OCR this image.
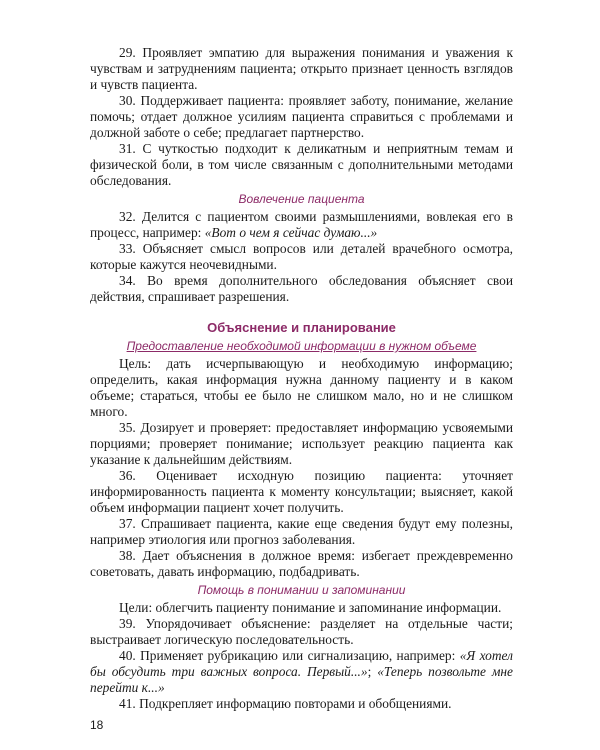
29. Проявляет эмпатию для выражения понимания и уважения к чувствам и затруднениям пациента; открыто признает ценность взглядов и чувств пациента.

30. Поддерживает пациента: проявляет заботу, понимание, желание помочь; отдает должное усилиям пациента справиться с проблемами и должной заботе о себе; предлагает партнерство.

31. С чуткостью подходит к деликатным и неприятным темам и физической боли, в том числе связанным с дополнительными методами обследования.

Вовлечение пациента

32. Делится с пациентом своими размышлениями, вовлекая его в процесс, например: «Вот о чем я сейчас думаю...»

33. Объясняет смысл вопросов или деталей врачебного осмотра, которые кажутся неочевидными.

34. Во время дополнительного обследования объясняет свои действия, спрашивает разрешения.

Объяснение и планирование
Предоставление необходимой информации в нужном объеме

Цель: дать исчерпывающую и необходимую информацию; определить, какая информация нужна данному пациенту и в каком объеме; стараться, чтобы ее было не слишком мало, но и не слишком много.

35. Дозирует и проверяет: предоставляет информацию усвояемыми порциями; проверяет понимание; использует реакцию пациента как указание к дальнейшим действиям.

36. Оценивает исходную позицию пациента: уточняет информированность пациента к моменту консультации; выясняет, какой объем информации пациент хочет получить.

37. Спрашивает пациента, какие еще сведения будут ему полезны, например этиология или прогноз заболевания.

38. Дает объяснения в должное время: избегает преждевременно советовать, давать информацию, подбадривать.

Помощь в понимании и запоминании

Цели: облегчить пациенту понимание и запоминание информации.

39. Упорядочивает объяснение: разделяет на отдельные части; выстраивает логическую последовательность.

40. Применяет рубрикацию или сигнализацию, например: «Я хотел бы обсудить три важных вопроса. Пeрвый...»; «Теперь позвольте мне пeрейти к...»

41. Подкрепляет информацию повторами и обобщениями.

18
